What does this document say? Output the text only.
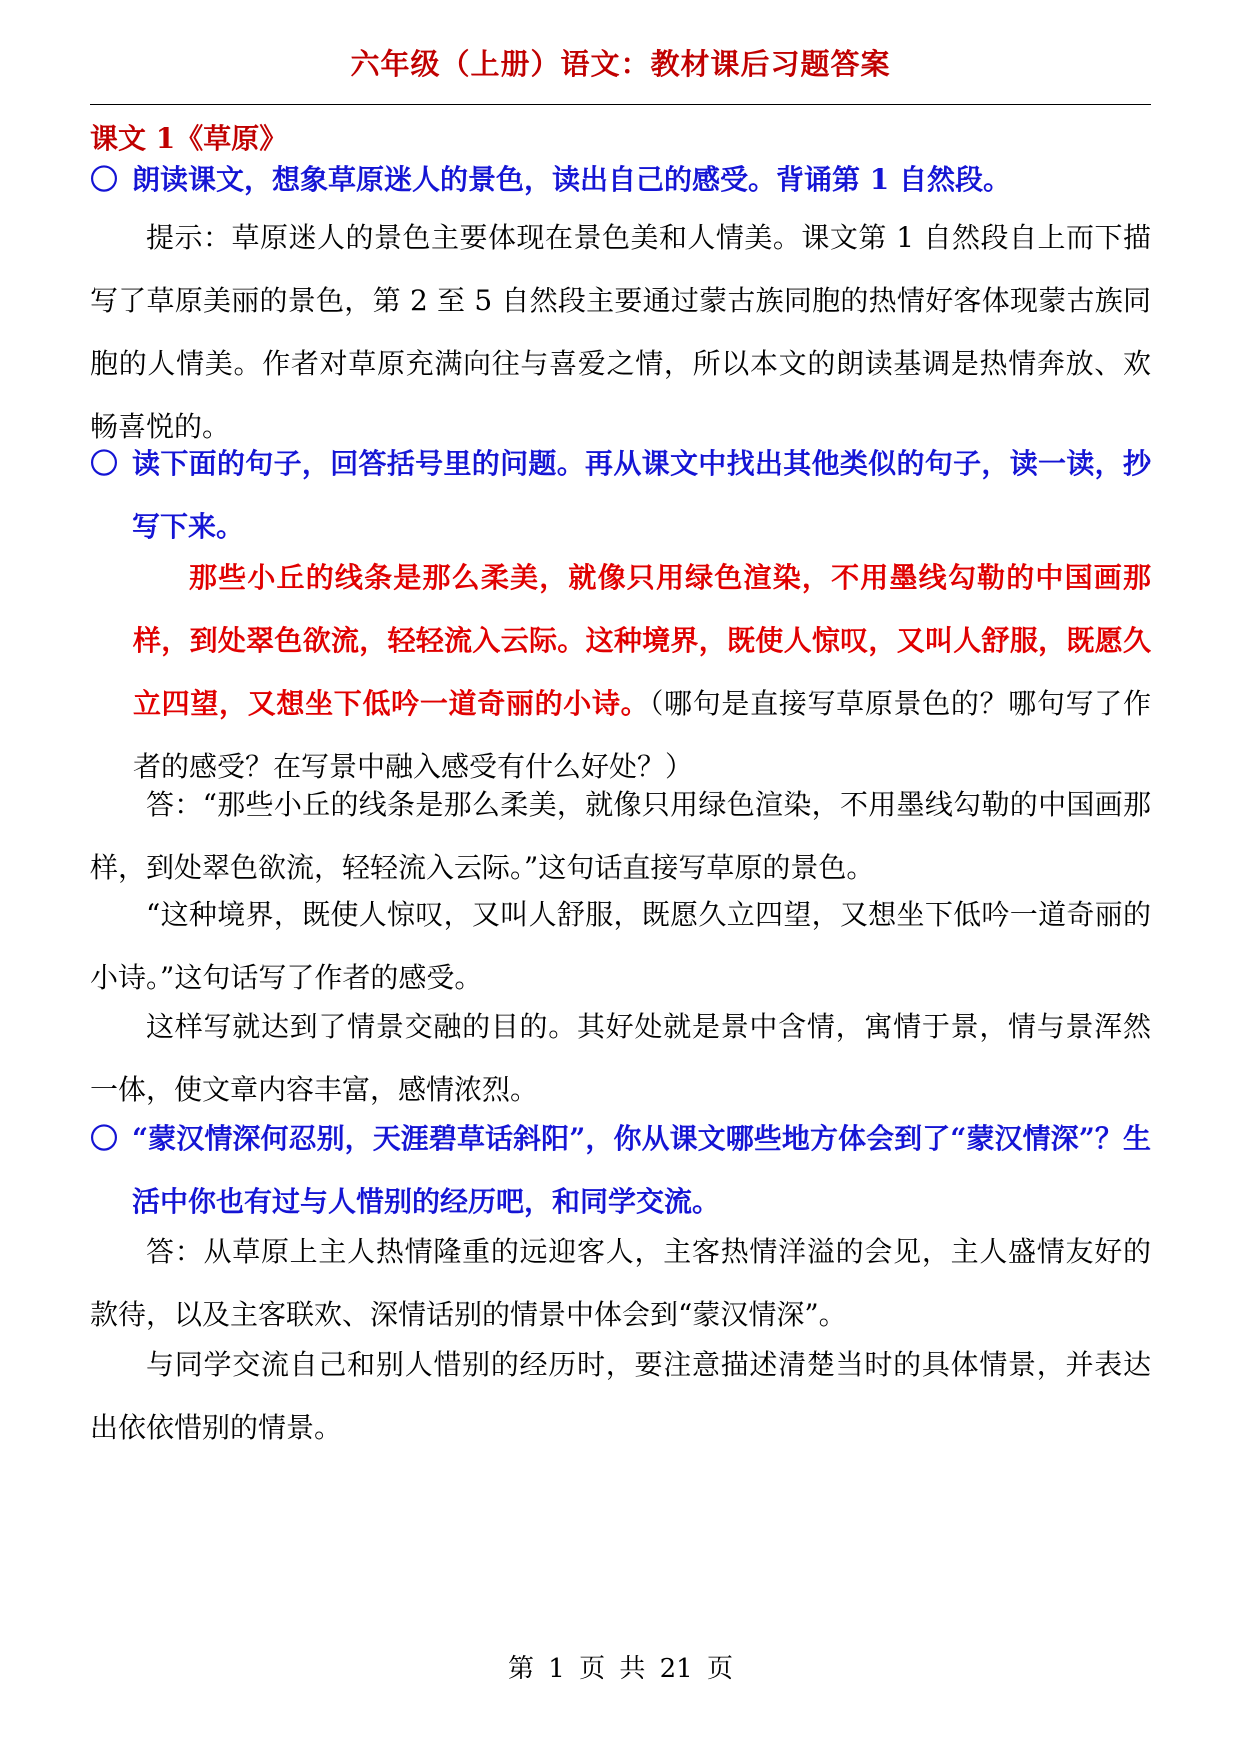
六年级（上册）语文：教材课后习题答案
课文 1《草原》
〇 朗读课文，想象草原迷人的景色，读出自己的感受。背诵第 1 自然段。
提示：草原迷人的景色主要体现在景色美和人情美。课文第 1 自然段自上而下描写了草原美丽的景色，第 2 至 5 自然段主要通过蒙古族同胞的热情好客体现蒙古族同胞的人情美。作者对草原充满向往与喜爱之情，所以本文的朗读基调是热情奔放、欢畅喜悦的。
〇 读下面的句子，回答括号里的问题。再从课文中找出其他类似的句子，读一读，抄写下来。
那些小丘的线条是那么柔美，就像只用绿色渲染，不用墨线勾勒的中国画那样，到处翠色欲流，轻轻流入云际。这种境界，既使人惊叹，又叫人舒服，既愿久立四望，又想坐下低吟一道奇丽的小诗。（哪句是直接写草原景色的？哪句写了作者的感受？在写景中融入感受有什么好处？）
答：“那些小丘的线条是那么柔美，就像只用绿色渲染，不用墨线勾勒的中国画那样，到处翠色欲流，轻轻流入云际。”这句话直接写草原的景色。
“这种境界，既使人惊叹，又叫人舒服，既愿久立四望，又想坐下低吟一道奇丽的小诗。”这句话写了作者的感受。
这样写就达到了情景交融的目的。其好处就是景中含情，寓情于景，情与景浑然一体，使文章内容丰富，感情浓烈。
〇 “蒙汉情深何忍别，天涯碧草话斜阳”，你从课文哪些地方体会到了“蒙汉情深”？生活中你也有过与人惜别的经历吧，和同学交流。
答：从草原上主人热情隆重的远迎客人，主客热情洋溢的会见，主人盛情友好的款待，以及主客联欢、深情话别的情景中体会到“蒙汉情深”。
与同学交流自己和别人惜别的经历时，要注意描述清楚当时的具体情景，并表达出依依惜别的情景。
第 1 页 共 21 页
